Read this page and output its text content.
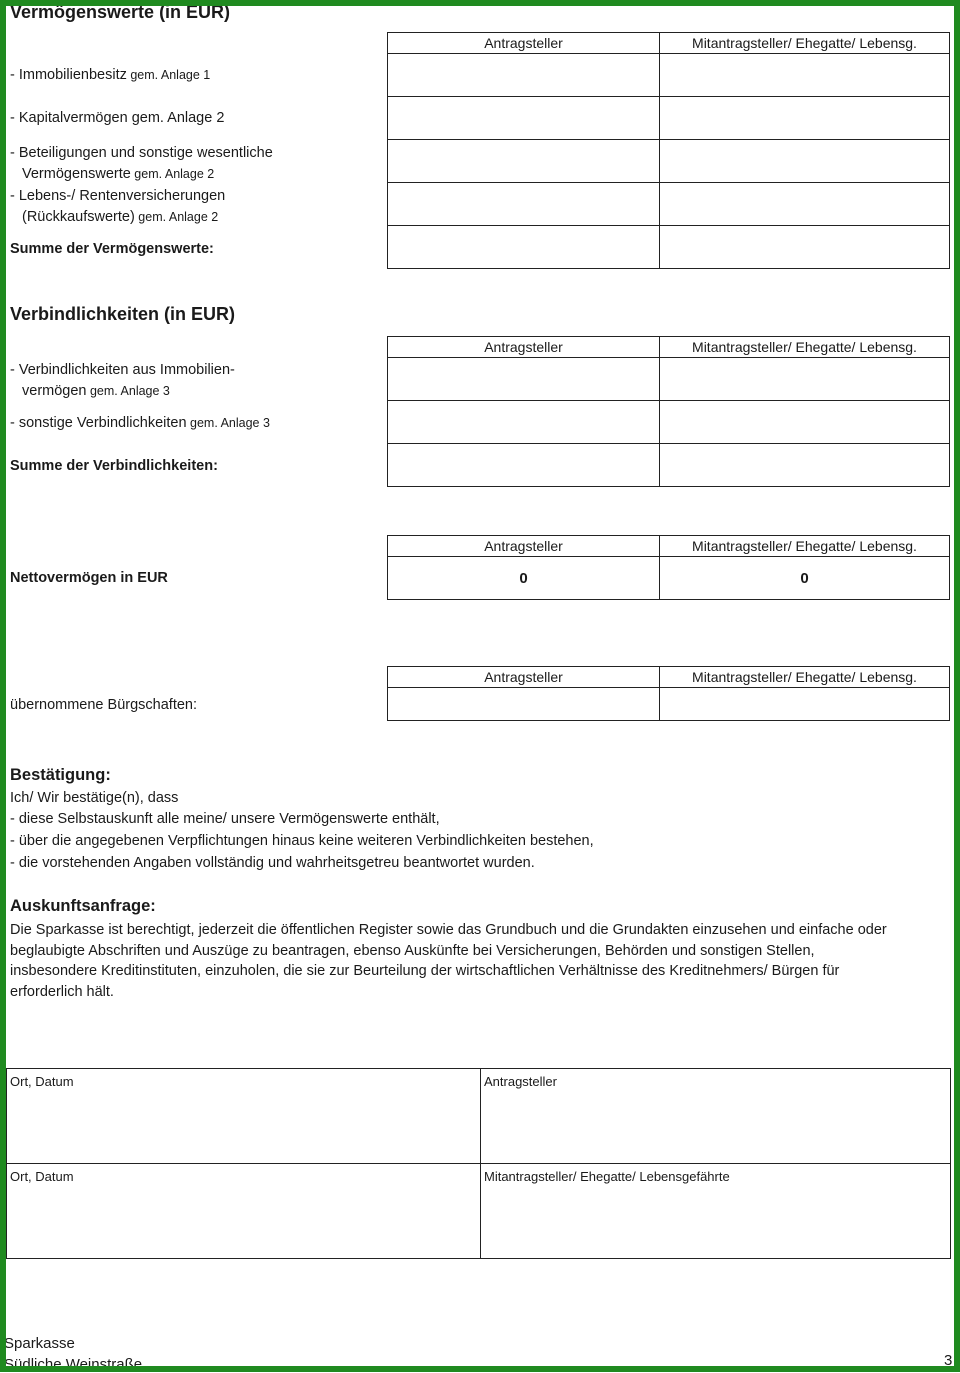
Vermögenswerte (in EUR)
Antragsteller	Mitantragsteller/ Ehegatte/ Lebensg.

- Immobilienbesitz gem. Anlage 1
- Kapitalvermögen gem. Anlage 2
- Beteiligungen und sonstige wesentliche
Vermögenswerte gem. Anlage 2
- Lebens-/ Rentenversicherungen
(Rückkaufswerte) gem. Anlage 2
Summe der Vermögenswerte:
Verbindlichkeiten (in EUR)
Antragsteller	Mitantragsteller/ Ehegatte/ Lebensg.

- Verbindlichkeiten aus Immobilien-
vermögen gem. Anlage 3
- sonstige Verbindlichkeiten gem. Anlage 3
Summe der Verbindlichkeiten:
Antragsteller	Mitantragsteller/ Ehegatte/ Lebensg.
0	0
Nettovermögen in EUR
Antragsteller	Mitantragsteller/ Ehegatte/ Lebensg.

übernommene Bürgschaften:
Bestätigung:
Ich/ Wir bestätige(n), dass
- diese Selbstauskunft alle meine/ unsere Vermögenswerte enthält,
- über die angegebenen Verpflichtungen hinaus keine weiteren Verbindlichkeiten bestehen,
- die vorstehenden Angaben vollständig und wahrheitsgetreu beantwortet wurden.
Auskunftsanfrage:
Die Sparkasse ist berechtigt, jederzeit die öffentlichen Register sowie das Grundbuch und die Grundakten einzusehen und einfache oder beglaubigte Abschriften und Auszüge zu beantragen, ebenso Auskünfte bei Versicherungen, Behörden und sonstigen Stellen, insbesondere Kreditinstituten, einzuholen, die sie zur Beurteilung der wirtschaftlichen Verhältnisse des Kreditnehmers/ Bürgen für erforderlich hält.
Ort, Datum	Antragsteller
Ort, Datum	Mitantragsteller/ Ehegatte/ Lebensgefährte
Sparkasse
Südliche Weinstraße	3
